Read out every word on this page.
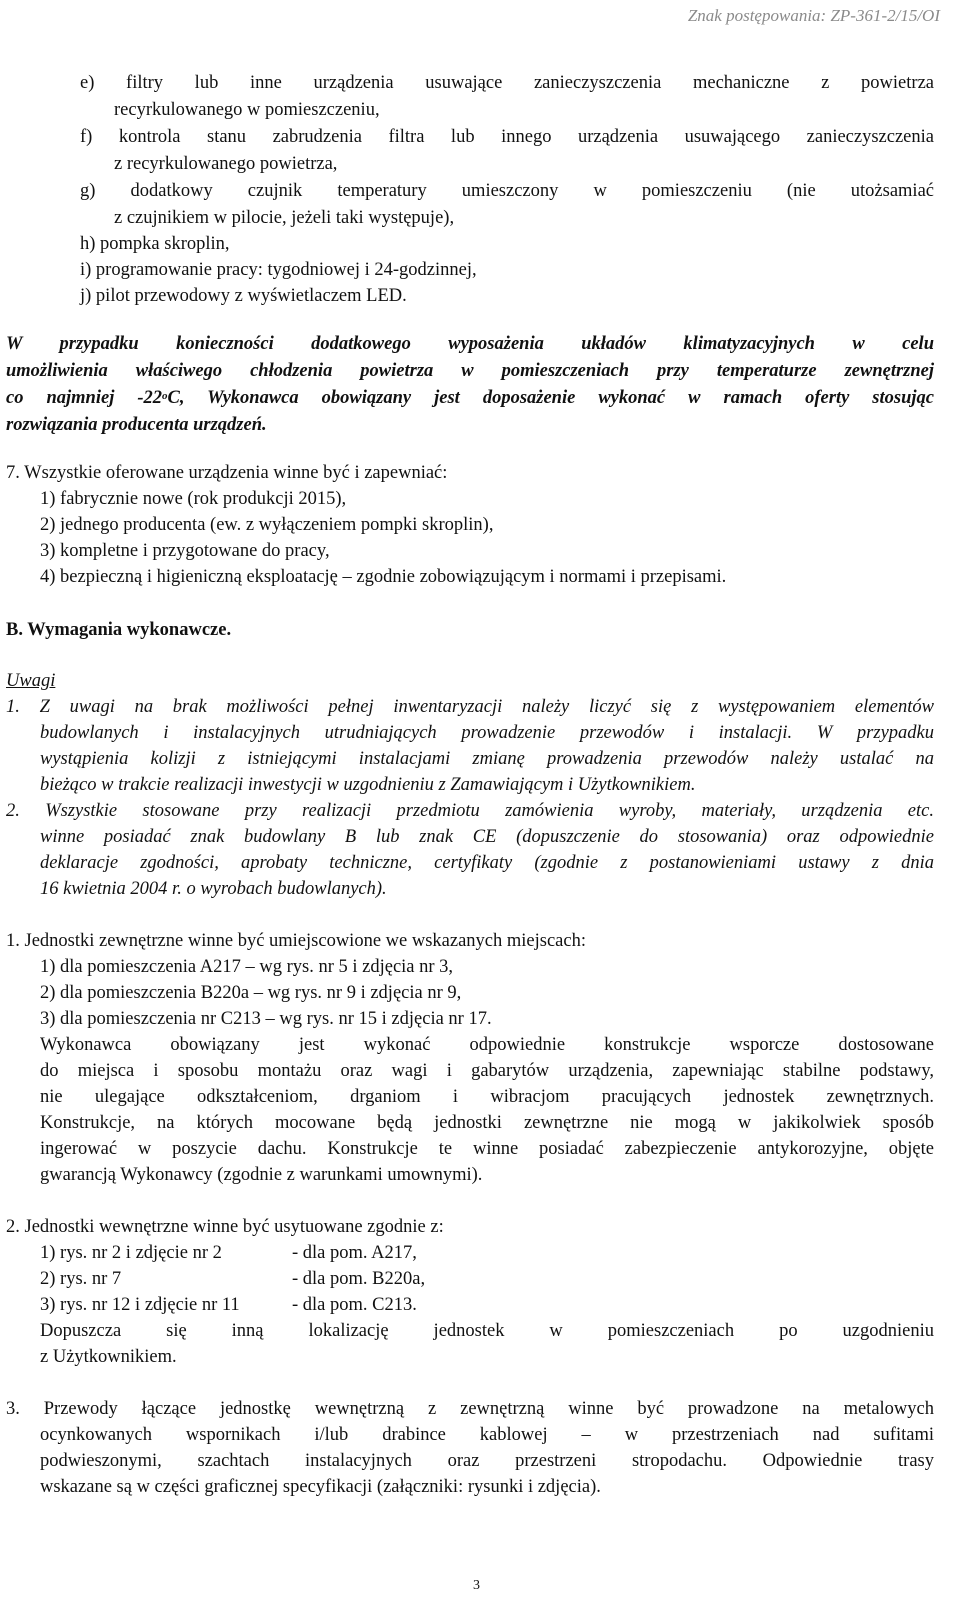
Znak postępowania: ZP-361-2/15/OI
e) filtry lub inne urządzenia usuwające zanieczyszczenia mechaniczne z powietrza
recyrkulowanego w pomieszczeniu,
f) kontrola stanu zabrudzenia filtra lub innego urządzenia usuwającego zanieczyszczenia
z recyrkulowanego powietrza,
g) dodatkowy czujnik temperatury umieszczony w pomieszczeniu (nie utożsamiać
z czujnikiem w pilocie, jeżeli taki występuje),
h) pompka skroplin,
i) programowanie pracy: tygodniowej i 24-godzinnej,
j) pilot przewodowy z wyświetlaczem LED.
W przypadku konieczności dodatkowego wyposażenia układów klimatyzacyjnych w celu
umożliwienia właściwego chłodzenia powietrza w pomieszczeniach przy temperaturze zewnętrznej
co najmniej -22$^o$C, Wykonawca obowiązany jest doposażenie wykonać w ramach oferty stosując
rozwiązania producenta urządzeń.
7. Wszystkie oferowane urządzenia winne być i zapewniać:
1) fabrycznie nowe (rok produkcji 2015),
2) jednego producenta (ew. z wyłączeniem pompki skroplin),
3) kompletne i przygotowane do pracy,
4) bezpieczną i higieniczną eksploatację – zgodnie zobowiązującym i normami i przepisami.
B. Wymagania wykonawcze.
Uwagi
1. Z uwagi na brak możliwości pełnej inwentaryzacji należy liczyć się z występowaniem elementów
budowlanych i instalacyjnych utrudniających prowadzenie przewodów i instalacji. W przypadku
wystąpienia kolizji z istniejącymi instalacjami zmianę prowadzenia przewodów należy ustalać na
bieżąco w trakcie realizacji inwestycji w uzgodnieniu z Zamawiającym i Użytkownikiem.
2. Wszystkie stosowane przy realizacji przedmiotu zamówienia wyroby, materiały, urządzenia etc.
winne posiadać znak budowlany B lub znak CE (dopuszczenie do stosowania) oraz odpowiednie
deklaracje zgodności, aprobaty techniczne, certyfikaty (zgodnie z postanowieniami ustawy z dnia
16 kwietnia 2004 r. o wyrobach budowlanych).
1. Jednostki zewnętrzne winne być umiejscowione we wskazanych miejscach:
1) dla pomieszczenia A217 – wg rys. nr 5 i zdjęcia nr 3,
2) dla pomieszczenia B220a – wg rys. nr 9 i zdjęcia nr 9,
3) dla pomieszczenia nr C213 – wg rys. nr 15 i zdjęcia nr 17.
Wykonawca obowiązany jest wykonać odpowiednie konstrukcje wsporcze dostosowane
do miejsca i sposobu montażu oraz wagi i gabarytów urządzenia, zapewniając stabilne podstawy,
nie ulegające odkształceniom, drganiom i wibracjom pracujących jednostek zewnętrznych.
Konstrukcje, na których mocowane będą jednostki zewnętrzne nie mogą w jakikolwiek sposób
ingerować w poszycie dachu. Konstrukcje te winne posiadać zabezpieczenie antykorozyjne, objęte
gwarancją Wykonawcy (zgodnie z warunkami umownymi).
2. Jednostki wewnętrzne winne być usytuowane zgodnie z:
1) rys. nr 2 i zdjęcie nr 2	- dla pom. A217,
2) rys. nr 7	- dla pom. B220a,
3) rys. nr 12 i zdjęcie nr 11	- dla pom. C213.
Dopuszcza się inną lokalizację jednostek w pomieszczeniach po uzgodnieniu
z Użytkownikiem.
3. Przewody łączące jednostkę wewnętrzną z zewnętrzną winne być prowadzone na metalowych
ocynkowanych wspornikach i/lub drabince kablowej – w przestrzeniach nad sufitami
podwieszonymi, szachtach instalacyjnych oraz przestrzeni stropodachu. Odpowiednie trasy
wskazane są w części graficznej specyfikacji (załączniki: rysunki i zdjęcia).
3
